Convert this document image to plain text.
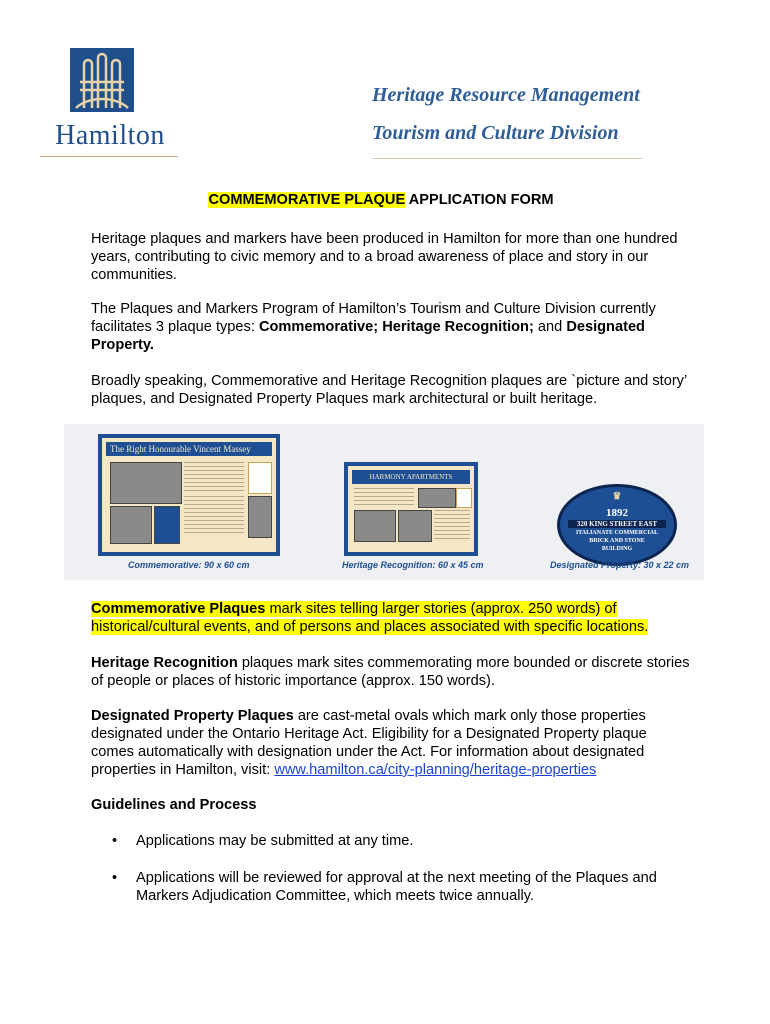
Hamilton
Heritage Resource Management
Tourism and Culture Division
COMMEMORATIVE PLAQUE APPLICATION FORM
Heritage plaques and markers have been produced in Hamilton for more than one hundred years, contributing to civic memory and to a broad awareness of place and story in our communities.
The Plaques and Markers Program of Hamilton’s Tourism and Culture Division currently facilitates 3 plaque types: Commemorative; Heritage Recognition; and Designated Property.
Broadly speaking, Commemorative and Heritage Recognition plaques are `picture and story’ plaques, and Designated Property Plaques mark architectural or built heritage.
The Right Honourable Vincent Massey
Commemorative: 90 x 60 cm
HARMONY APARTMENTS
Heritage Recognition: 60 x 45 cm
♛
1892
320 KING STREET EAST
ITALIANATE COMMERCIAL
BRICK AND STONE
BUILDING
Designated Property: 30 x 22 cm
Commemorative Plaques mark sites telling larger stories (approx. 250 words) of historical/cultural events, and of persons and places associated with specific locations.
Heritage Recognition plaques mark sites commemorating more bounded or discrete stories of people or places of historic importance (approx. 150 words).
Designated Property Plaques are cast-metal ovals which mark only those properties designated under the Ontario Heritage Act. Eligibility for a Designated Property plaque comes automatically with designation under the Act. For information about designated properties in Hamilton, visit: www.hamilton.ca/city-planning/heritage-properties
Guidelines and Process
• Applications may be submitted at any time.
• Applications will be reviewed for approval at the next meeting of the Plaques and Markers Adjudication Committee, which meets twice annually.
